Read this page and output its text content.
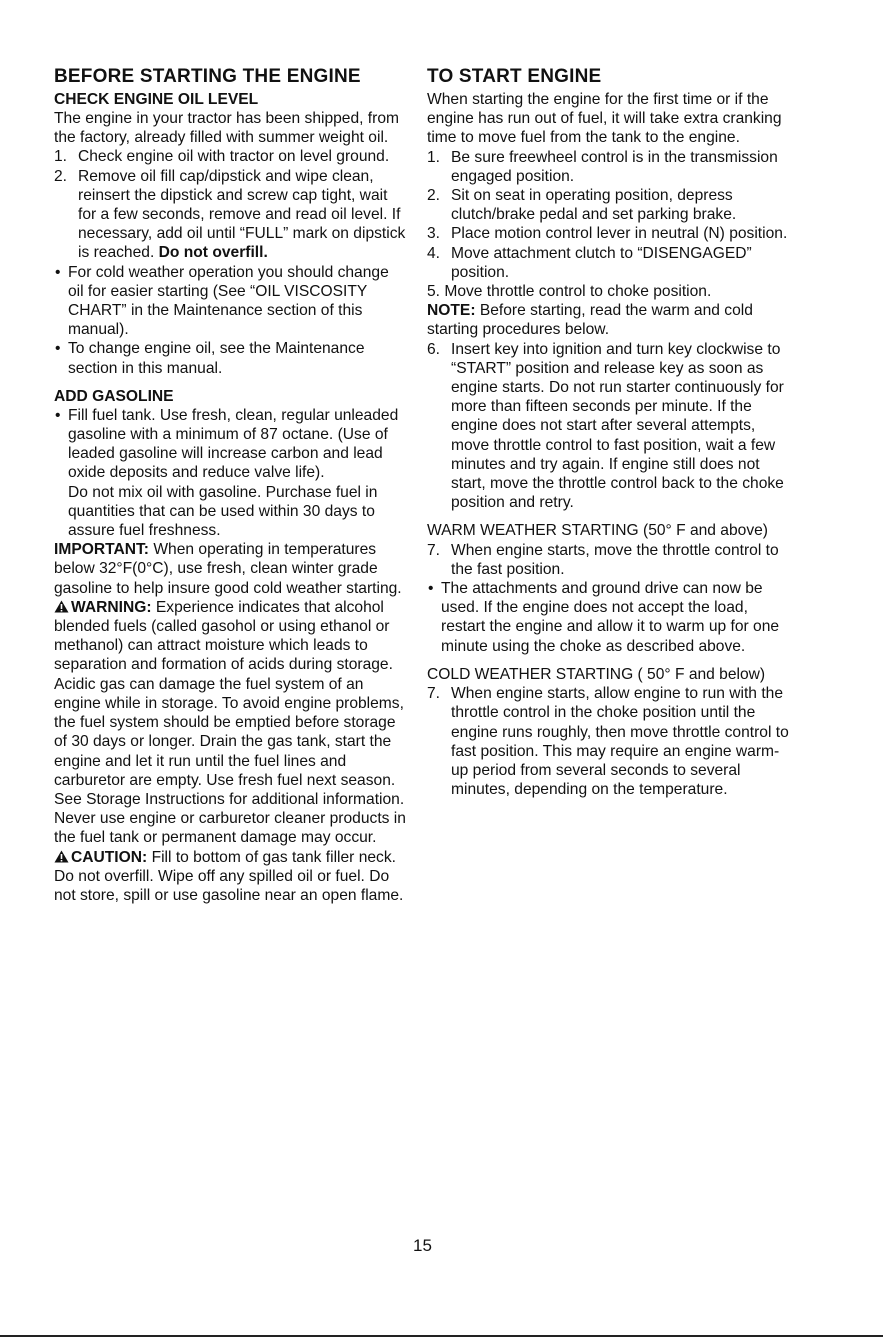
BEFORE STARTING THE ENGINE
CHECK ENGINE OIL LEVEL

The engine in your tractor has been shipped, from the factory, already filled with summer weight oil.

1. Check engine oil with tractor on level ground.
2. Remove oil fill cap/dipstick and wipe clean, reinsert the dipstick and screw cap tight, wait for a few seconds, remove and read oil level. If necessary, add oil until “FULL” mark on dipstick is reached. Do not overfill.
• For cold weather operation you should change oil for easier starting (See “OIL VISCOSITY CHART” in the Maintenance section of this manual).
• To change engine oil, see the Maintenance section in this manual.
ADD GASOLINE
• Fill fuel tank. Use fresh, clean, regular unleaded gasoline with a minimum of 87 octane. (Use of leaded gasoline will increase carbon and lead oxide deposits and reduce valve life).

Do not mix oil with gasoline. Purchase fuel in quantities that can be used within 30 days to assure fuel freshness.

IMPORTANT: When operating in temperatures below 32°F(0°C), use fresh, clean winter grade gasoline to help insure good cold weather starting.

WARNING: Experience indicates that alcohol blended fuels (called gasohol or using ethanol or methanol) can attract moisture which leads to separation and formation of acids during storage. Acidic gas can damage the fuel system of an engine while in storage. To avoid engine problems, the fuel system should be emptied before storage of 30 days or longer. Drain the gas tank, start the engine and let it run until the fuel lines and carburetor are empty. Use fresh fuel next season. See Storage Instructions for additional information. Never use engine or carburetor cleaner products in the fuel tank or permanent damage may occur.

CAUTION: Fill to bottom of gas tank filler neck. Do not overfill. Wipe off any spilled oil or fuel. Do not store, spill or use gasoline near an open flame.

TO START ENGINE

When starting the engine for the first time or if the engine has run out of fuel, it will take extra cranking time to move fuel from the tank to the engine.

1. Be sure freewheel control is in the transmission engaged position.
2. Sit on seat in operating position, depress clutch/brake pedal and set parking brake.
3. Place motion control lever in neutral (N) position.
4. Move attachment clutch to “DISENGAGED” position.

5. Move throttle control to choke position.

NOTE: Before starting, read the warm and cold starting procedures below.

6. Insert key into ignition and turn key clockwise to “START” position and release key as soon as engine starts. Do not run starter continuously for more than fifteen seconds per minute. If the engine does not start after several attempts, move throttle control to fast position, wait a few minutes and try again. If engine still does not start, move the throttle control back to the choke position and retry.

WARM WEATHER STARTING (50° F and above)

7. When engine starts, move the throttle control to the fast position.
• The attachments and ground drive can now be used. If the engine does not accept the load, restart the engine and allow it to warm up for one minute using the choke as described above.

COLD WEATHER STARTING ( 50° F and below)

7. When engine starts, allow engine to run with the throttle control in the choke position until the engine runs roughly, then move throttle control to fast position. This may require an engine warm-up period from several seconds to several minutes, depending on the temperature.
15
